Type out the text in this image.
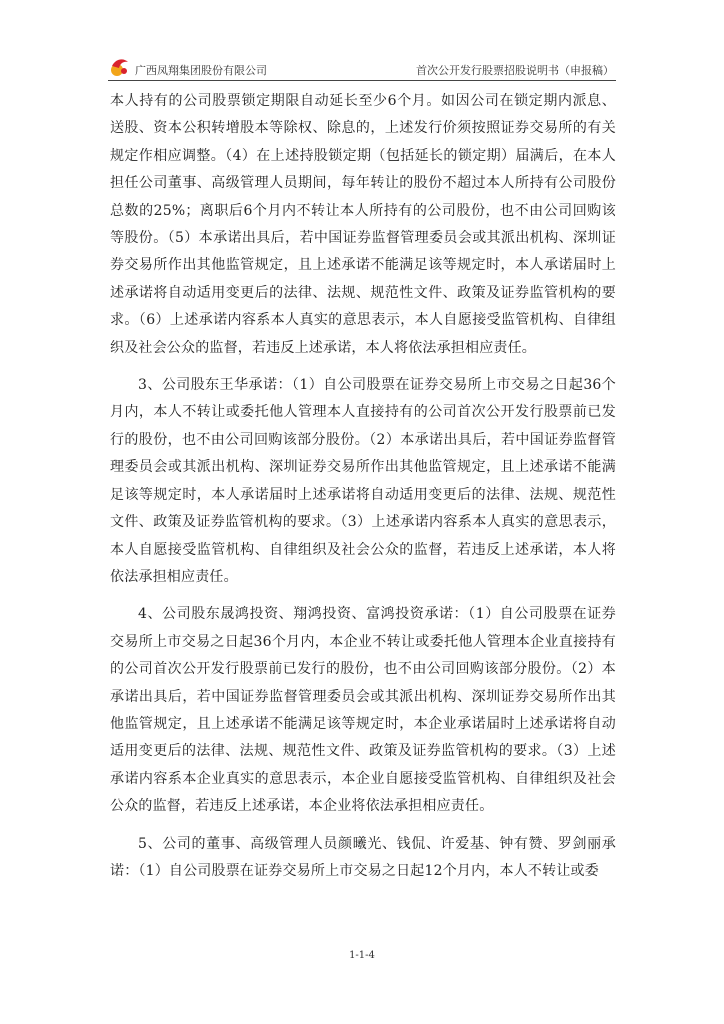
广西凤翔集团股份有限公司	首次公开发行股票招股说明书（申报稿）

本人持有的公司股票锁定期限自动延长至少6个月。如因公司在锁定期内派息、送股、资本公积转增股本等除权、除息的，上述发行价须按照证券交易所的有关规定作相应调整。（4）在上述持股锁定期（包括延长的锁定期）届满后，在本人担任公司董事、高级管理人员期间，每年转让的股份不超过本人所持有公司股份总数的25%；离职后6个月内不转让本人所持有的公司股份，也不由公司回购该等股份。（5）本承诺出具后，若中国证券监督管理委员会或其派出机构、深圳证券交易所作出其他监管规定，且上述承诺不能满足该等规定时，本人承诺届时上述承诺将自动适用变更后的法律、法规、规范性文件、政策及证券监管机构的要求。（6）上述承诺内容系本人真实的意思表示，本人自愿接受监管机构、自律组织及社会公众的监督，若违反上述承诺，本人将依法承担相应责任。

3、公司股东王华承诺：（1）自公司股票在证券交易所上市交易之日起36个月内，本人不转让或委托他人管理本人直接持有的公司首次公开发行股票前已发行的股份，也不由公司回购该部分股份。（2）本承诺出具后，若中国证券监督管理委员会或其派出机构、深圳证券交易所作出其他监管规定，且上述承诺不能满足该等规定时，本人承诺届时上述承诺将自动适用变更后的法律、法规、规范性文件、政策及证券监管机构的要求。（3）上述承诺内容系本人真实的意思表示，本人自愿接受监管机构、自律组织及社会公众的监督，若违反上述承诺，本人将依法承担相应责任。

4、公司股东晟鸿投资、翔鸿投资、富鸿投资承诺：（1）自公司股票在证券交易所上市交易之日起36个月内，本企业不转让或委托他人管理本企业直接持有的公司首次公开发行股票前已发行的股份，也不由公司回购该部分股份。（2）本承诺出具后，若中国证券监督管理委员会或其派出机构、深圳证券交易所作出其他监管规定，且上述承诺不能满足该等规定时，本企业承诺届时上述承诺将自动适用变更后的法律、法规、规范性文件、政策及证券监管机构的要求。（3）上述承诺内容系本企业真实的意思表示，本企业自愿接受监管机构、自律组织及社会公众的监督，若违反上述承诺，本企业将依法承担相应责任。

5、公司的董事、高级管理人员颜曦光、钱侃、许爱基、钟有赞、罗剑丽承诺：（1）自公司股票在证券交易所上市交易之日起12个月内，本人不转让或委

1-1-4
